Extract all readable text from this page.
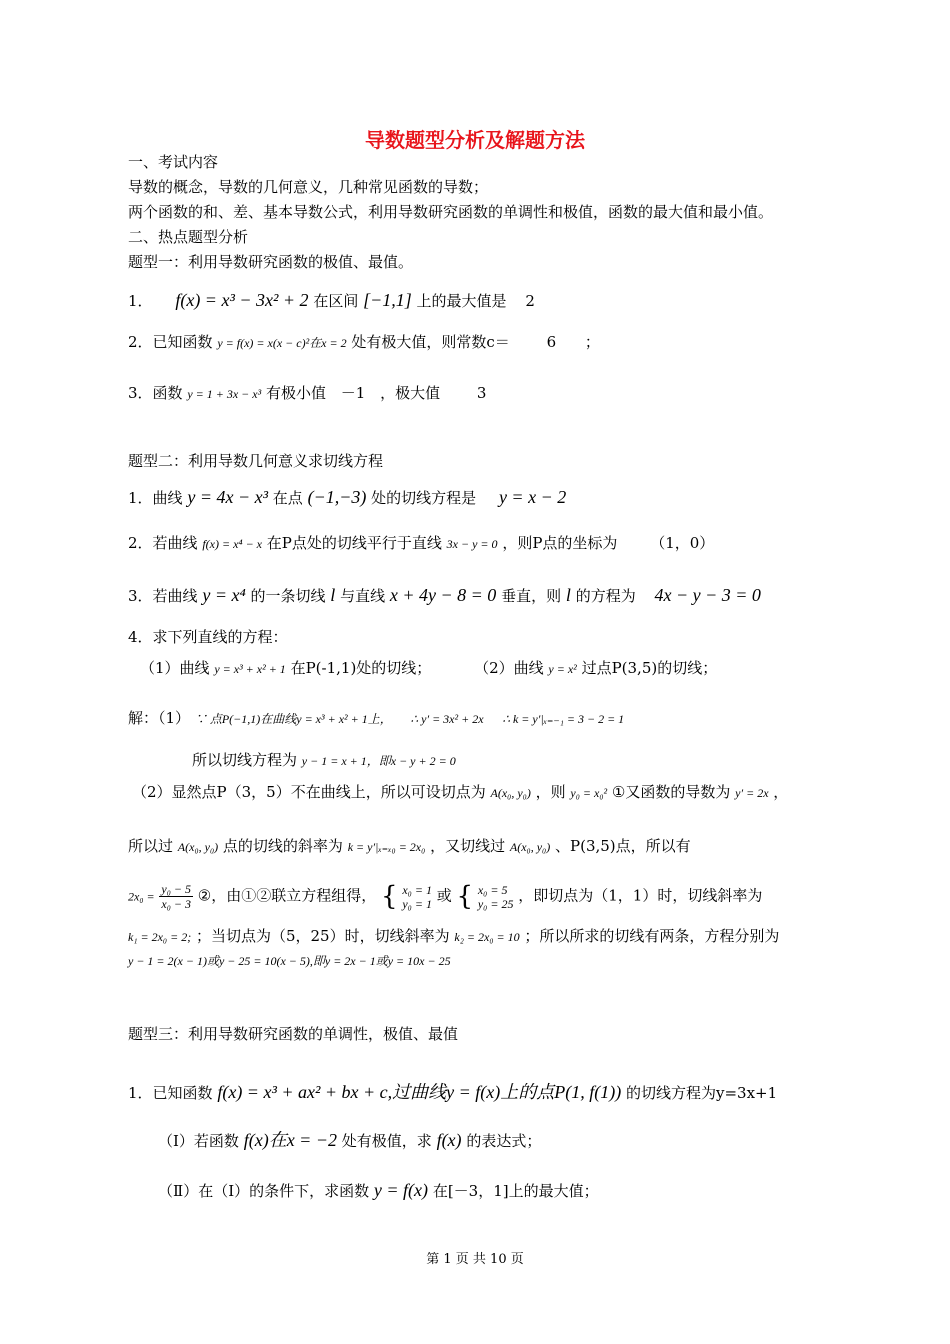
导数题型分析及解题方法
一、考试内容
导数的概念，导数的几何意义，几种常见函数的导数；
两个函数的和、差、基本导数公式，利用导数研究函数的单调性和极值，函数的最大值和最小值。
二、热点题型分析
题型一：利用导数研究函数的极值、最值。
1． f(x) = x³ − 3x² + 2 在区间 [−1,1] 上的最大值是 2
2．已知函数 y = f(x) = x(x − c)²在x = 2 处有极大值，则常数c＝ 6 ；
3．函数 y = 1 + 3x − x³ 有极小值 －1 ，极大值 3
题型二：利用导数几何意义求切线方程
1．曲线 y = 4x − x³ 在点 (−1,−3) 处的切线方程是 y = x − 2
2．若曲线 f(x) = x⁴ − x 在P点处的切线平行于直线 3x − y = 0 ，则P点的坐标为 （1，0）
3．若曲线 y = x⁴ 的一条切线 l 与直线 x + 4y − 8 = 0 垂直，则 l 的方程为 4x − y − 3 = 0
4．求下列直线的方程：
（1）曲线 y = x³ + x² + 1 在P(-1,1)处的切线；	（2）曲线 y = x² 过点P(3,5)的切线；
解：（1） ∵ 点P(−1,1)在曲线y = x³ + x² + 1上， ∴ y′ = 3x² + 2x ∴ k = y′|ₓ₌₋₁ = 3 − 2 = 1
所以切线方程为 y − 1 = x + 1，即x − y + 2 = 0
（2）显然点P（3，5）不在曲线上，所以可设切点为 A(x₀, y₀) ，则 y₀ = x₀² ①又函数的导数为 y′ = 2x ，
所以过 A(x₀, y₀) 点的切线的斜率为 k = y′|ₓ₌ₓ₀ = 2x₀ ，又切线过 A(x₀, y₀) 、P(3,5)点，所以有
$2x_0 = \frac{\text{y₀ − 5}}{\text{x₀ − 3}}$ ②，由①②联立方程组得， { x₀ = 1
y₀ = 1 或 { x₀ = 5
y₀ = 25 ，即切点为（1，1）时，切线斜率为
k₁ = 2x₀ = 2; ；当切点为（5，25）时，切线斜率为 k₂ = 2x₀ = 10 ；所以所求的切线有两条，方程分别为
y − 1 = 2(x − 1)或y − 25 = 10(x − 5),即y = 2x − 1或y = 10x − 25
题型三：利用导数研究函数的单调性，极值、最值
1．已知函数 f(x) = x³ + ax² + bx + c,过曲线y = f(x)上的点P(1, f(1)) 的切线方程为y=3x+1
（Ⅰ）若函数 f(x)在x = −2 处有极值，求 f(x) 的表达式；
（Ⅱ）在（Ⅰ）的条件下，求函数 y = f(x) 在[－3，1]上的最大值；
第 1 页 共 10 页
